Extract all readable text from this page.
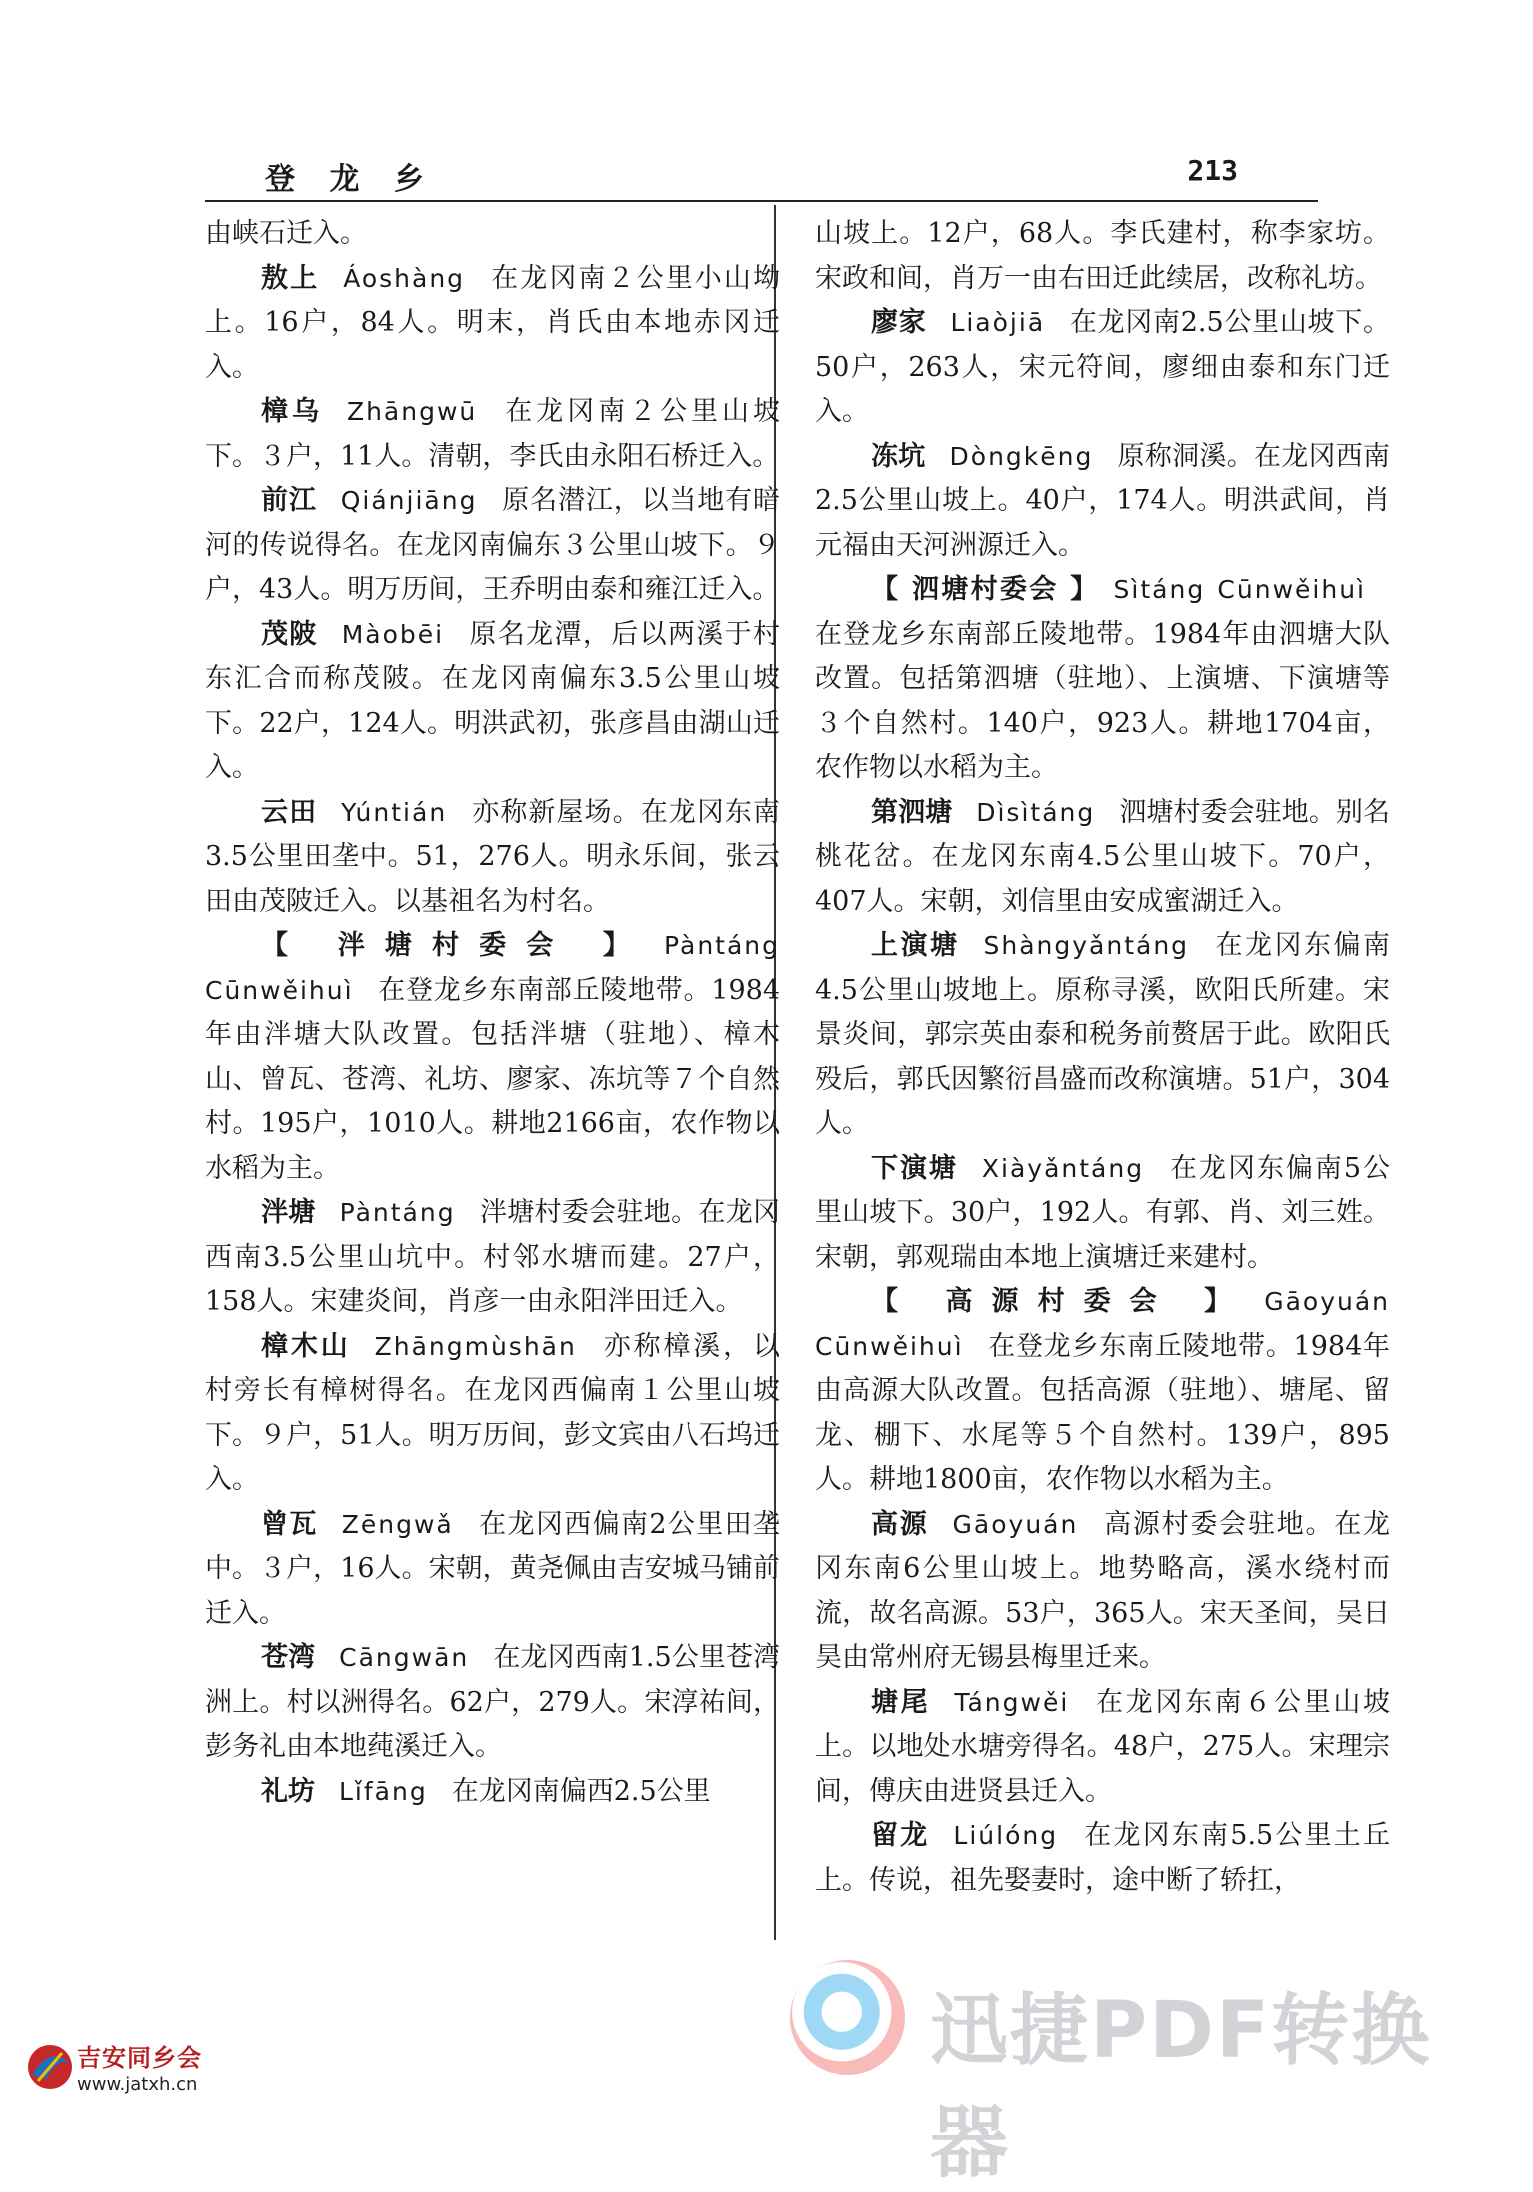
登 龙 乡	213

由峡石迁入。

敖上 Áoshàng 在龙冈南２公里小山坳上。16户，84人。明末，肖氏由本地赤冈迁入。

樟乌 Zhāngwū 在龙冈南２公里山坡下。３户，11人。清朝，李氏由永阳石桥迁入。

前江 Qiánjiāng 原名潜江，以当地有暗河的传说得名。在龙冈南偏东３公里山坡下。９户，43人。明万历间，王乔明由泰和雍江迁入。

茂陂 Màobēi 原名龙潭，后以两溪于村东汇合而称茂陂。在龙冈南偏东3.5公里山坡下。22户，124人。明洪武初，张彦昌由湖山迁入。

云田 Yúntián 亦称新屋场。在龙冈东南3.5公里田垄中。51，276人。明永乐间，张云田由茂陂迁入。以基祖名为村名。

【 泮塘村委会 】 Pàntáng Cūnwěihuì 在登龙乡东南部丘陵地带。1984年由泮塘大队改置。包括泮塘（驻地）、樟木山、曾瓦、苍湾、礼坊、廖家、冻坑等７个自然村。195户，1010人。耕地2166亩，农作物以水稻为主。

泮塘 Pàntáng 泮塘村委会驻地。在龙冈西南3.5公里山坑中。村邻水塘而建。27户，158人。宋建炎间，肖彦一由永阳泮田迁入。

樟木山 Zhāngmùshān 亦称樟溪，以村旁长有樟树得名。在龙冈西偏南１公里山坡下。９户，51人。明万历间，彭文宾由八石坞迁入。

曾瓦 Zēngwǎ 在龙冈西偏南2公里田垄中。３户，16人。宋朝，黄尧佩由吉安城马铺前迁入。

苍湾 Cāngwān 在龙冈西南1.5公里苍湾洲上。村以洲得名。62户，279人。宋淳祐间，彭务礼由本地莼溪迁入。

礼坊 Lǐfāng 在龙冈南偏西2.5公里

山坡上。12户，68人。李氏建村，称李家坊。宋政和间，肖万一由右田迁此续居，改称礼坊。

廖家 Liaòjiā 在龙冈南2.5公里山坡下。50户，263人，宋元符间，廖细由泰和东门迁入。

冻坑 Dòngkēng 原称洞溪。在龙冈西南2.5公里山坡上。40户，174人。明洪武间，肖元福由天河洲源迁入。

【 泗塘村委会 】 Sìtáng Cūnwěihuì在登龙乡东南部丘陵地带。1984年由泗塘大队改置。包括第泗塘（驻地）、上演塘、下演塘等３个自然村。140户，923人。耕地1704亩，农作物以水稻为主。

第泗塘 Dìsìtáng 泗塘村委会驻地。别名桃花岔。在龙冈东南4.5公里山坡下。70户，407人。宋朝，刘信里由安成蜜湖迁入。

上演塘 Shàngyǎntáng 在龙冈东偏南4.5公里山坡地上。原称寻溪，欧阳氏所建。宋景炎间，郭宗英由泰和税务前赘居于此。欧阳氏殁后，郭氏因繁衍昌盛而改称演塘。51户，304人。

下演塘 Xiàyǎntáng 在龙冈东偏南5公里山坡下。30户，192人。有郭、肖、刘三姓。宋朝，郭观瑞由本地上演塘迁来建村。

【 高源村委会 】 Gāoyuán Cūnwěihuì 在登龙乡东南丘陵地带。1984年由高源大队改置。包括高源（驻地）、塘尾、留龙、棚下、水尾等５个自然村。139户，895人。耕地1800亩，农作物以水稻为主。

高源 Gāoyuán 高源村委会驻地。在龙冈东南6公里山坡上。地势略高，溪水绕村而流，故名高源。53户，365人。宋天圣间，吴日昊由常州府无锡县梅里迁来。

塘尾 Tángwěi 在龙冈东南６公里山坡上。以地处水塘旁得名。48户，275人。宋理宗间，傅庆由进贤县迁入。

留龙 Liúlóng 在龙冈东南5.5公里土丘上。传说，祖先娶妻时，途中断了轿扛，

迅捷PDF转换器
吉安同乡会
www.jatxh.cn
